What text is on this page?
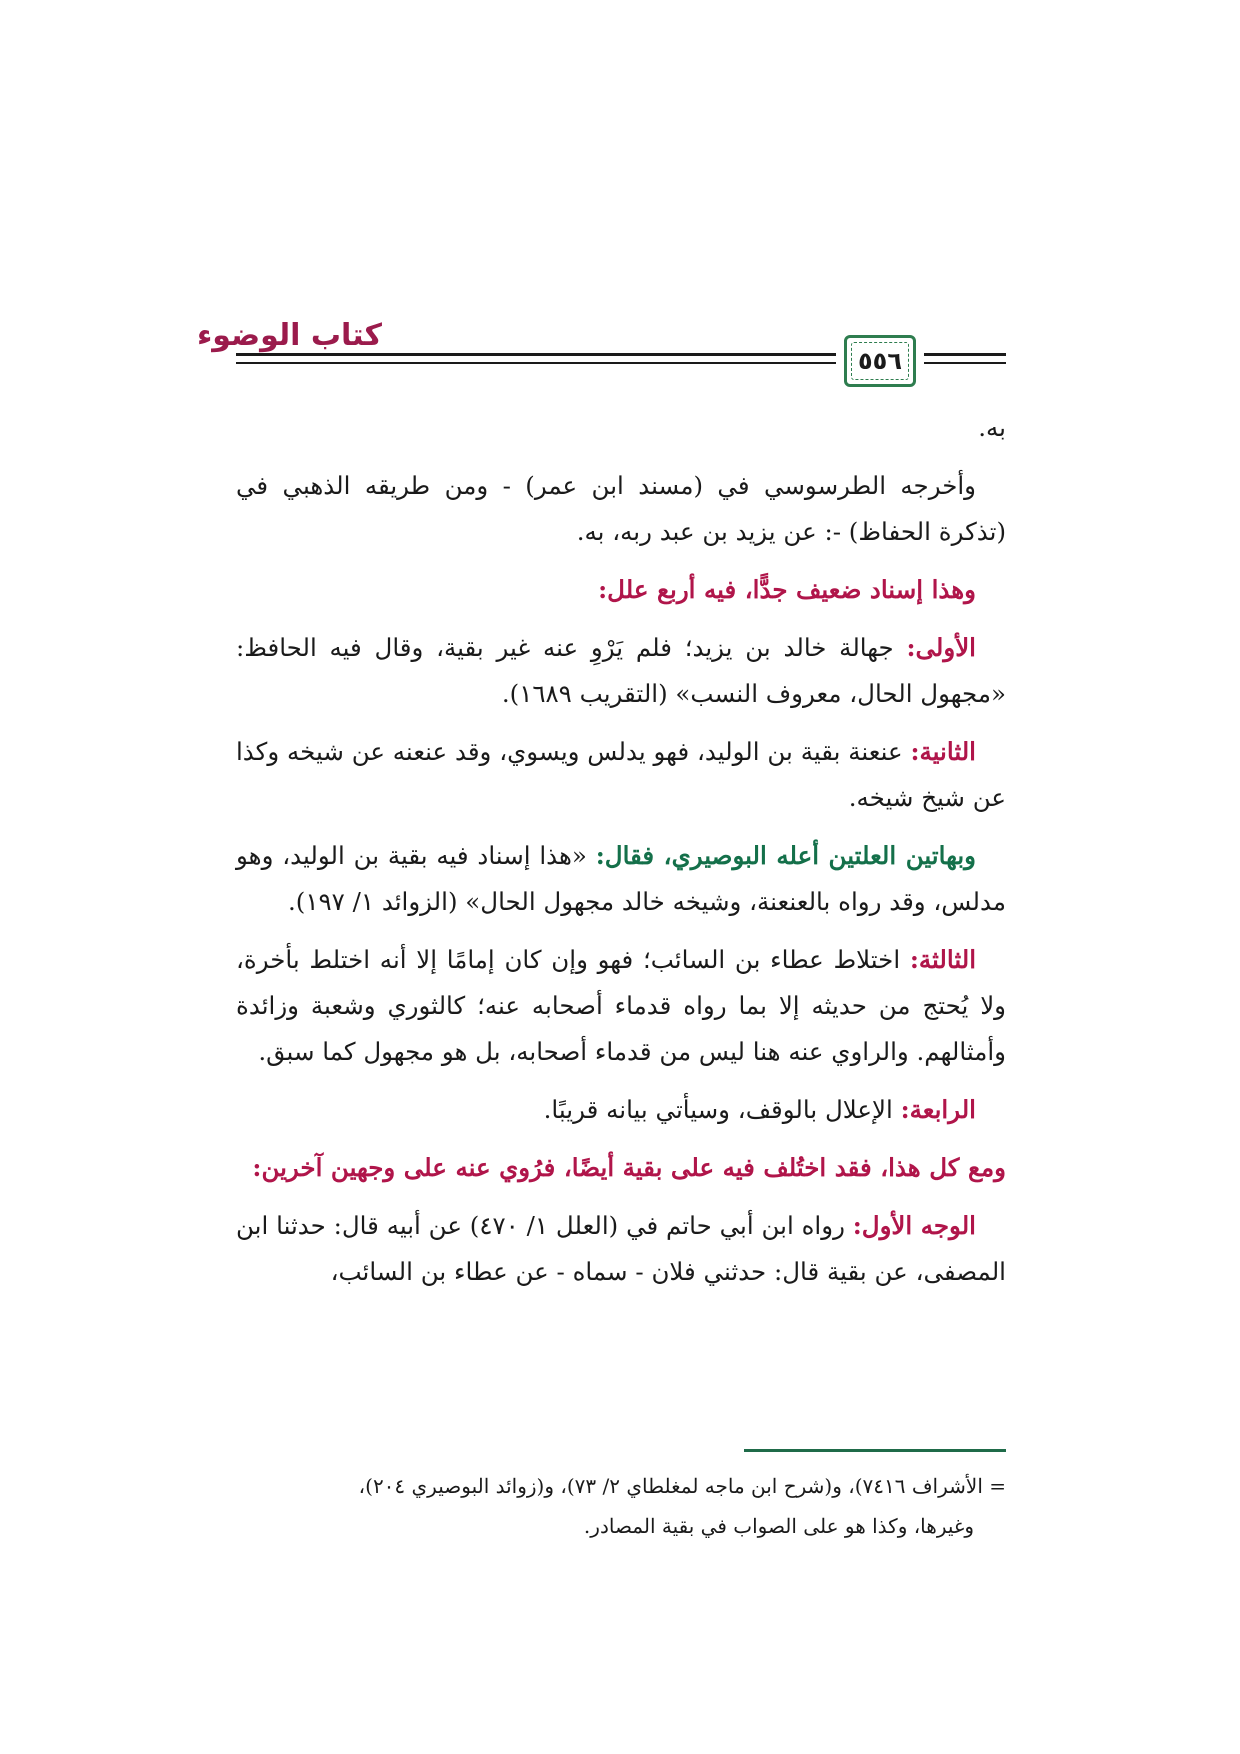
كتاب الوضوء
٥٥٦

به.

وأخرجه الطرسوسي في (مسند ابن عمر) - ومن طريقه الذهبي في (تذكرة الحفاظ) -: عن يزيد بن عبد ربه، به.

وهذا إسناد ضعيف جدًّا، فيه أربع علل:

الأولى: جهالة خالد بن يزيد؛ فلم يَرْوِ عنه غير بقية، وقال فيه الحافظ: «مجهول الحال، معروف النسب» (التقريب ١٦٨٩).

الثانية: عنعنة بقية بن الوليد، فهو يدلس ويسوي، وقد عنعنه عن شيخه وكذا عن شيخ شيخه.

وبهاتين العلتين أعله البوصيري، فقال: «هذا إسناد فيه بقية بن الوليد، وهو مدلس، وقد رواه بالعنعنة، وشيخه خالد مجهول الحال» (الزوائد ١/ ١٩٧).

الثالثة: اختلاط عطاء بن السائب؛ فهو وإن كان إمامًا إلا أنه اختلط بأخرة، ولا يُحتج من حديثه إلا بما رواه قدماء أصحابه عنه؛ كالثوري وشعبة وزائدة وأمثالهم. والراوي عنه هنا ليس من قدماء أصحابه، بل هو مجهول كما سبق.

الرابعة: الإعلال بالوقف، وسيأتي بيانه قريبًا.

ومع كل هذا، فقد اختُلف فيه على بقية أيضًا، فرُوي عنه على وجهين آخرين:

الوجه الأول: رواه ابن أبي حاتم في (العلل ١/ ٤٧٠) عن أبيه قال: حدثنا ابن المصفى، عن بقية قال: حدثني فلان - سماه - عن عطاء بن السائب،

= الأشراف ٧٤١٦)، و(شرح ابن ماجه لمغلطاي ٢/ ٧٣)، و(زوائد البوصيري ٢٠٤)،

وغيرها، وكذا هو على الصواب في بقية المصادر.
